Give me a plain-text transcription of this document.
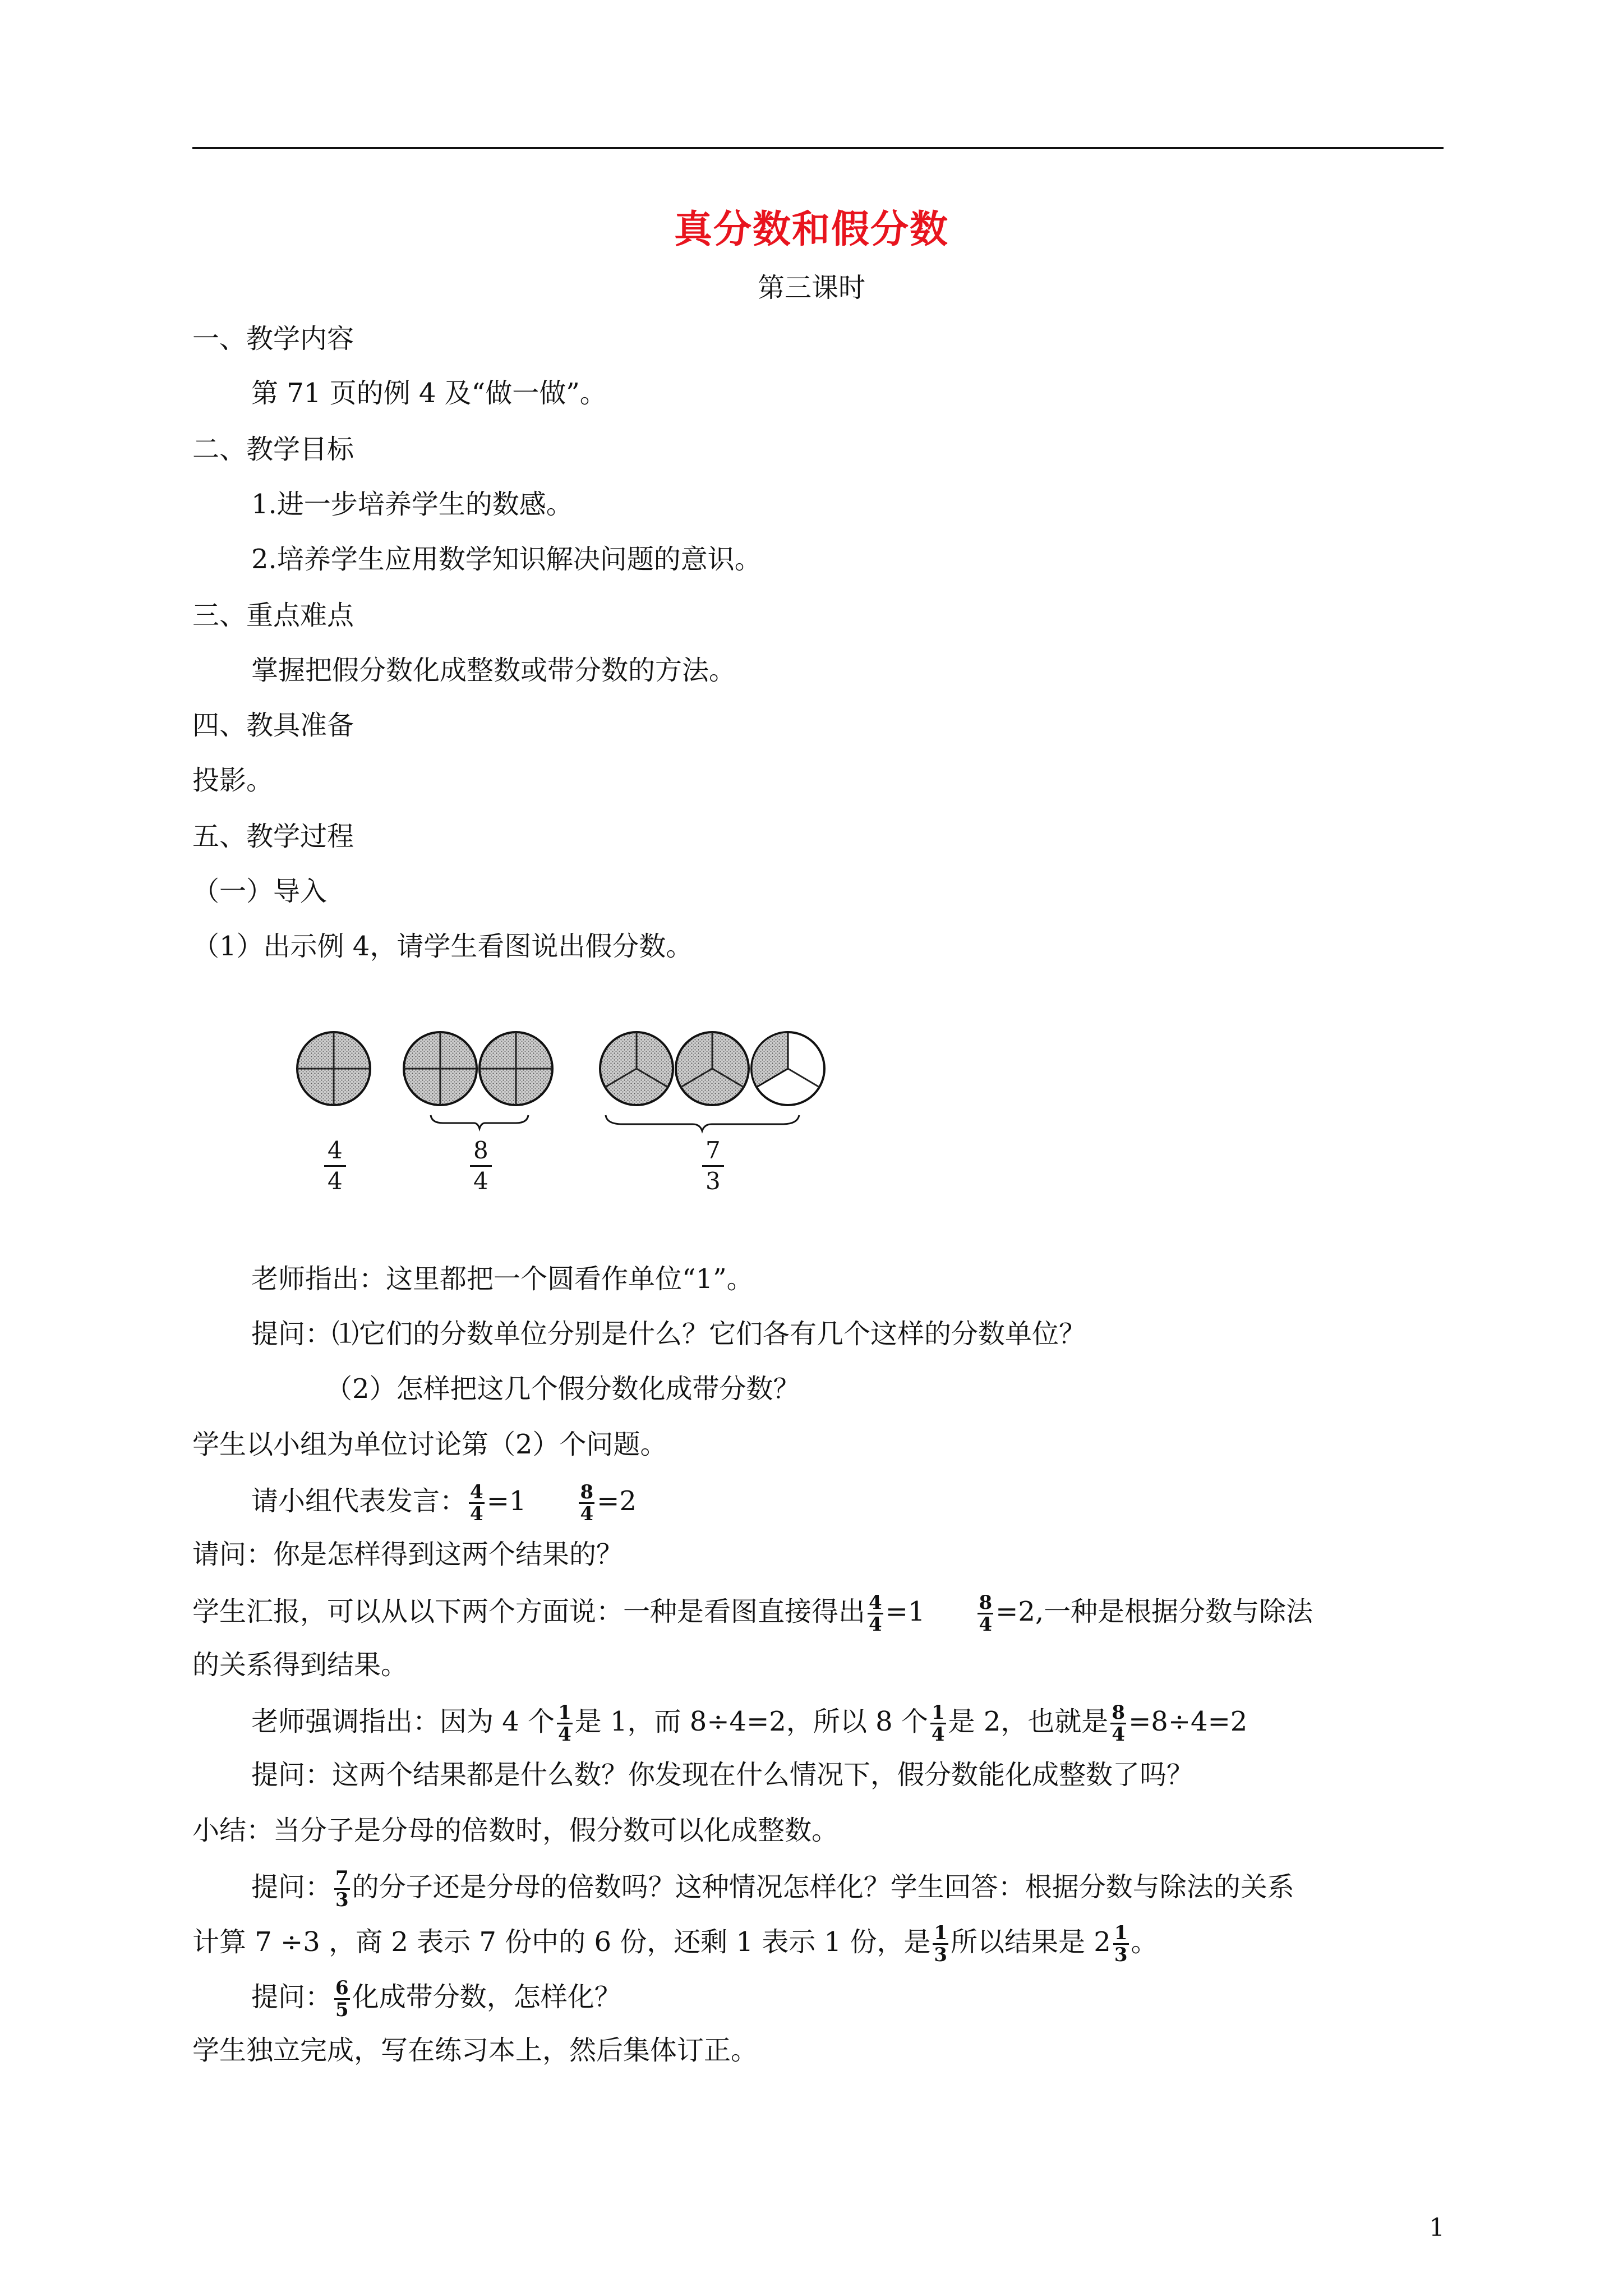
真分数和假分数
第三课时
一、教学内容
第 71 页的例 4 及“做一做”。
二、教学目标
1.进一步培养学生的数感。
2.培养学生应用数学知识解决问题的意识。
三、重点难点
掌握把假分数化成整数或带分数的方法。
四、教具准备
投影。
五、教学过程
（一）导入
（1）出示例 4，请学生看图说出假分数。
$\frac{4}{4}$	$\frac{8}{4}$	$\frac{7}{3}$
老师指出：这里都把一个圆看作单位“1”。
提问：⑴它们的分数单位分别是什么？它们各有几个这样的分数单位？
（2）怎样把这几个假分数化成带分数？
学生以小组为单位讨论第（2）个问题。
请小组代表发言： $\frac{4}{4} =1$	$\frac{8}{4} =2$
请问：你是怎样得到这两个结果的？
学生汇报，可以从以下两个方面说：一种是看图直接得出 $\frac{4}{4} =1$	$\frac{8}{4} =2$,一种是根据分数与除法
的关系得到结果。
老师强调指出：因为 4 个 $\frac{1}{4}$ 是 1，而 8÷4=2，所以 8 个 $\frac{1}{4}$ 是 2，也就是 $\frac{8}{4} =8\div 4=2$
提问：这两个结果都是什么数？你发现在什么情况下，假分数能化成整数了吗？
小结：当分子是分母的倍数时，假分数可以化成整数。
提问： $\frac{7}{3}$ 的分子还是分母的倍数吗？这种情况怎样化？学生回答：根据分数与除法的关系
计算 7 ÷3 ，商 2 表示 7 份中的 6 份，还剩 1 表示 1 份，是 $\frac{1}{3}$ 所以结果是 $2 \frac{1}{3}$ 。
提问： $\frac{6}{5}$ 化成带分数，怎样化？
学生独立完成，写在练习本上，然后集体订正。
1
